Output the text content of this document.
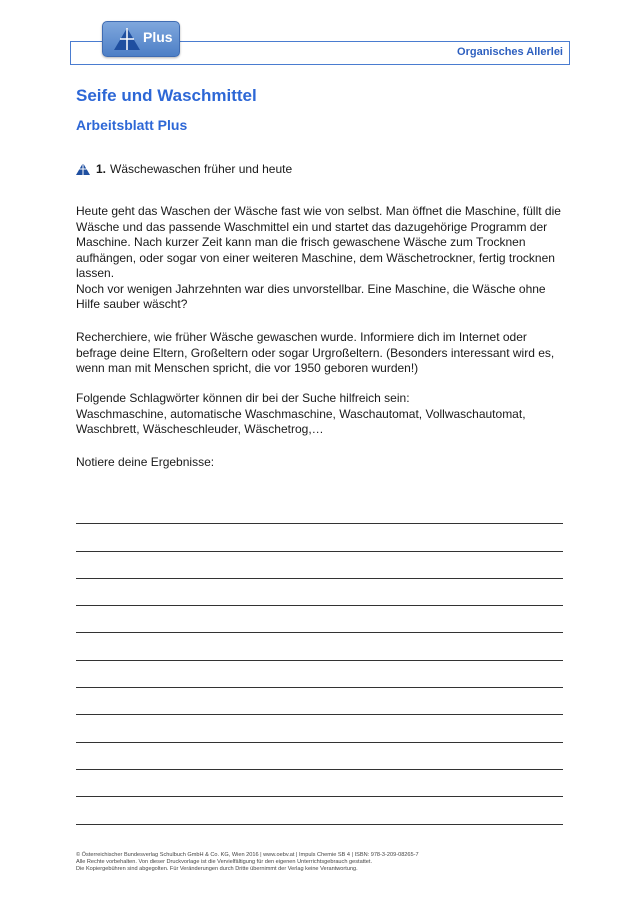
Organisches Allerlei
Plus
Seife und Waschmittel
Arbeitsblatt Plus
1. Wäschewaschen früher und heute

Heute geht das Waschen der Wäsche fast wie von selbst. Man öffnet die Maschine, füllt die

Wäsche und das passende Waschmittel ein und startet das dazugehörige Programm der

Maschine. Nach kurzer Zeit kann man die frisch gewaschene Wäsche zum Trocknen

aufhängen, oder sogar von einer weiteren Maschine, dem Wäschetrockner, fertig trocknen

lassen.

Noch vor wenigen Jahrzehnten war dies unvorstellbar. Eine Maschine, die Wäsche ohne

Hilfe sauber wäscht?

Recherchiere, wie früher Wäsche gewaschen wurde. Informiere dich im Internet oder

befrage deine Eltern, Großeltern oder sogar Urgroßeltern. (Besonders interessant wird es,

wenn man mit Menschen spricht, die vor 1950 geboren wurden!)

Folgende Schlagwörter können dir bei der Suche hilfreich sein:

Waschmaschine, automatische Waschmaschine, Waschautomat, Vollwaschautomat,

Waschbrett, Wäscheschleuder, Wäschetrog,…

Notiere deine Ergebnisse:

© Österreichischer Bundesverlag Schulbuch GmbH & Co. KG, Wien 2016 | www.oebv.at | Impuls Chemie SB 4 | ISBN: 978-3-209-08265-7
Alle Rechte vorbehalten. Von dieser Druckvorlage ist die Vervielfältigung für den eigenen Unterrichtsgebrauch gestattet.
Die Kopiergebühren sind abgegolten. Für Veränderungen durch Dritte übernimmt der Verlag keine Verantwortung.
